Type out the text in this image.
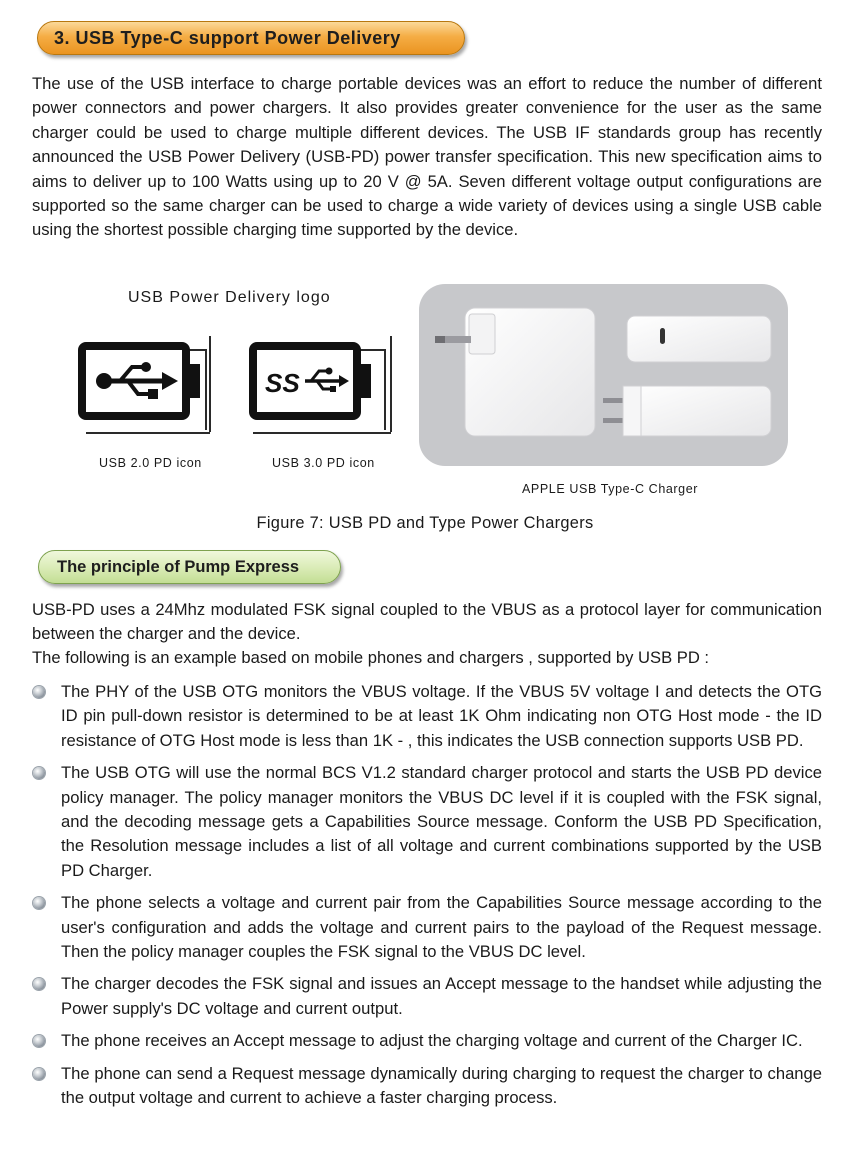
3. USB Type-C support Power Delivery

The use of the USB interface to charge portable devices was an effort to reduce the number of different power connectors and power chargers. It also provides greater convenience for the user as the same charger could be used to charge multiple different devices. The USB IF standards group has recently announced the USB Power Delivery (USB-PD) power transfer specification. This new specification aims to aims to deliver up to 100 Watts using up to 20 V @ 5A. Seven different voltage output configurations are supported so the same charger can be used to charge a wide variety of devices using a single USB cable using the shortest possible charging time supported by the device.

USB Power Delivery logo
SS
USB 2.0 PD icon	USB 3.0 PD icon
APPLE USB Type-C Charger
Figure 7: USB PD and Type Power Chargers
The principle of Pump Express

USB-PD uses a 24Mhz modulated FSK signal coupled to the VBUS as a protocol layer for communication between the charger and the device.

The following is an example based on mobile phones and chargers , supported by USB PD :

The PHY of the USB OTG monitors the VBUS voltage. If the VBUS 5V voltage I and detects the OTG ID pin pull-down resistor is determined to be at least 1K Ohm indicating non OTG Host mode - the ID resistance of OTG Host mode is less than 1K - , this indicates the USB connection supports USB PD.
The USB OTG will use the normal BCS V1.2 standard charger protocol and starts the USB PD device policy manager. The policy manager monitors the VBUS DC level if it is coupled with the FSK signal, and the decoding message gets a Capabilities Source message. Conform the USB PD Specification, the Resolution message includes a list of all voltage and current combinations supported by the USB PD Charger.
The phone selects a voltage and current pair from the Capabilities Source message according to the user's configuration and adds the voltage and current pairs to the payload of the Request message. Then the policy manager couples the FSK signal to the VBUS DC level.
The charger decodes the FSK signal and issues an Accept message to the handset while adjusting the Power supply's DC voltage and current output.
The phone receives an Accept message to adjust the charging voltage and current of the Charger IC.
The phone can send a Request message dynamically during charging to request the charger to change the output voltage and current to achieve a faster charging process.
